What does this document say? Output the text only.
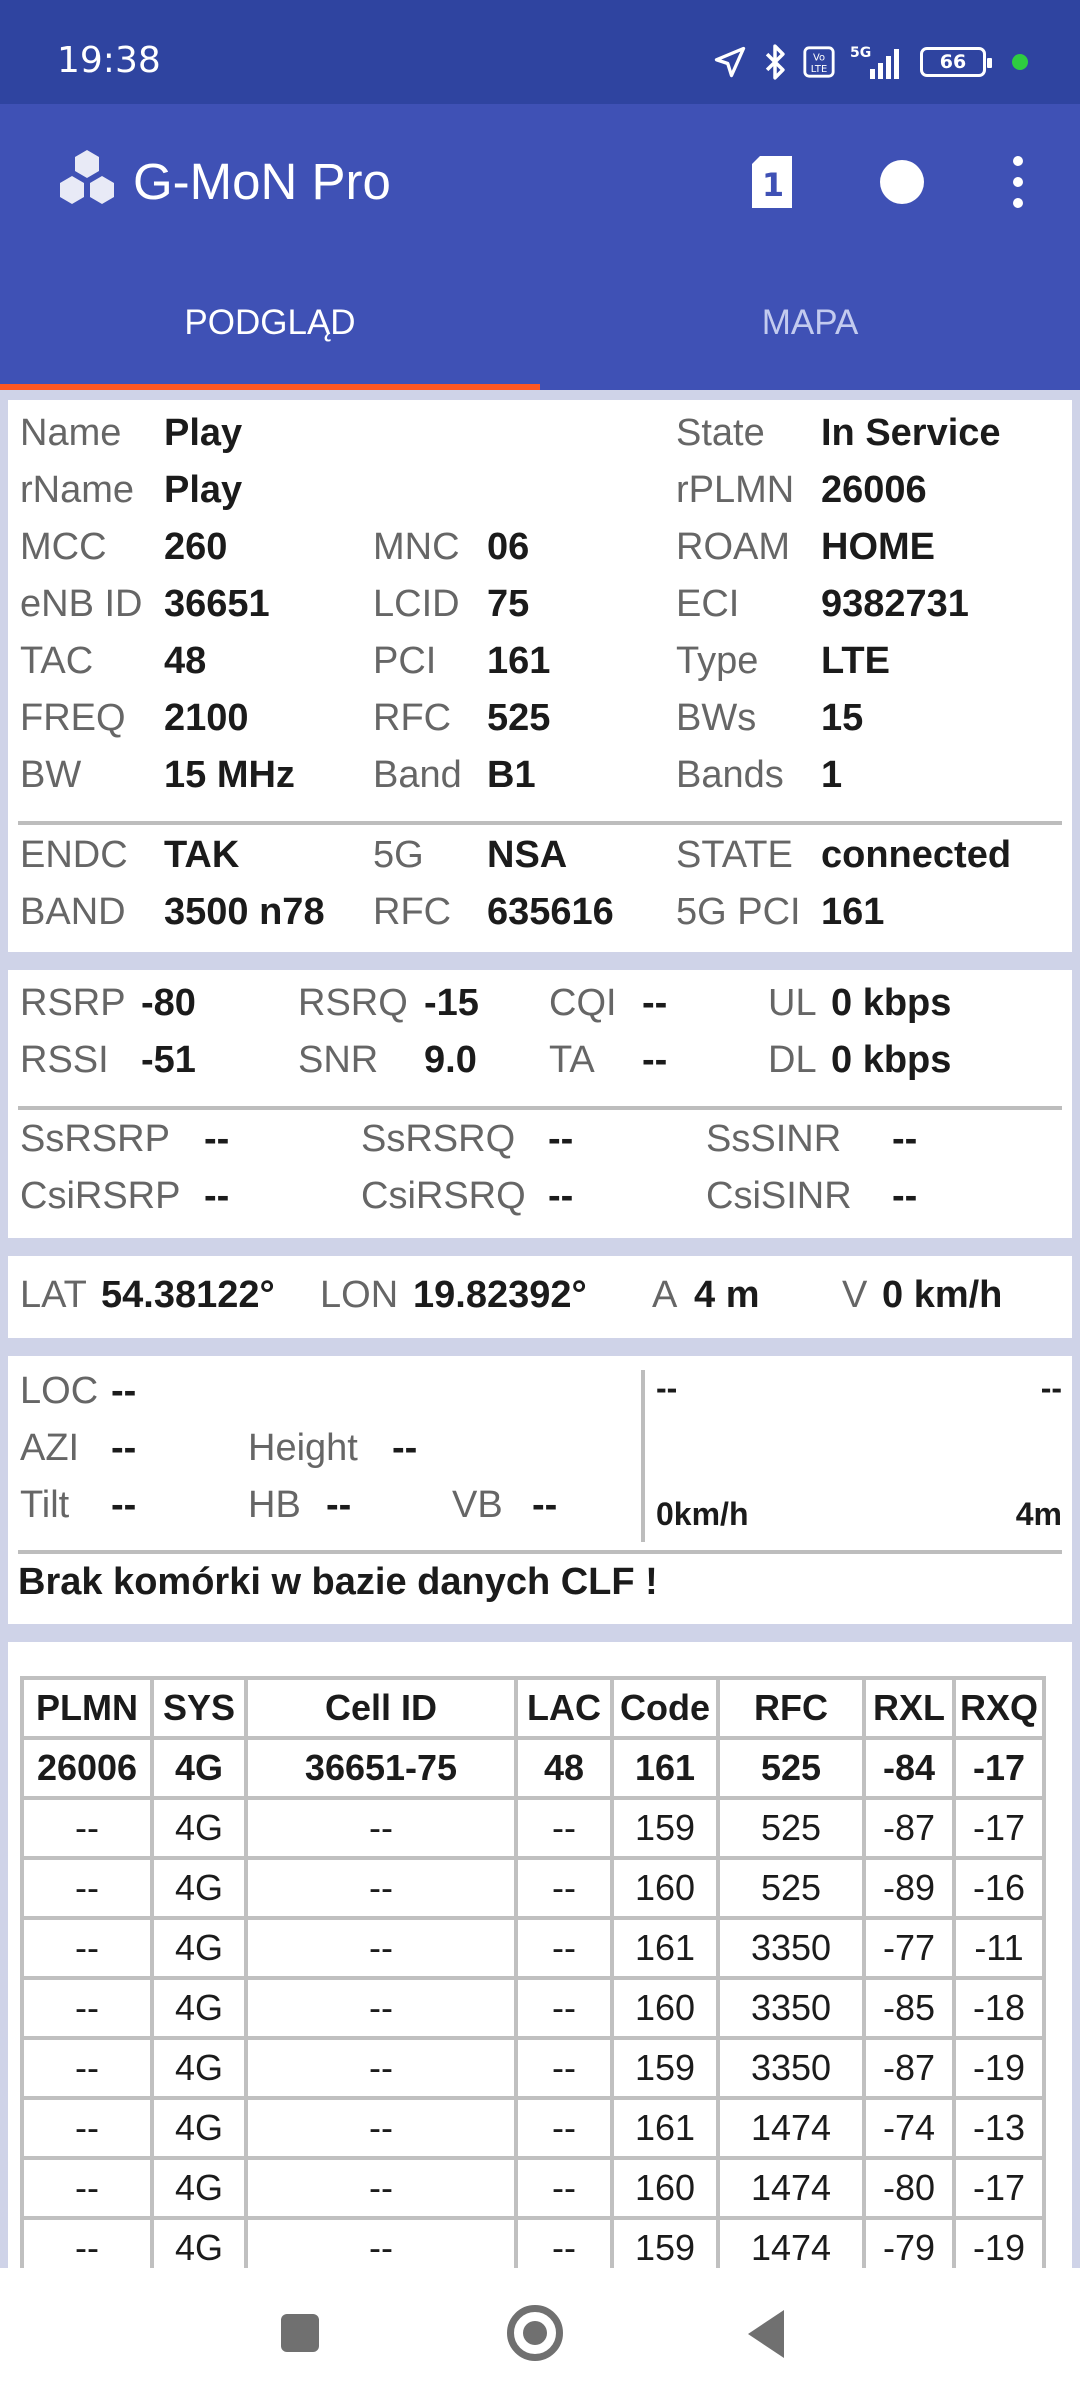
19:38	Vo
LTE
5G	66
G-MoN Pro	1
PODGLĄD	MAPA
Name Play	State In Service
rName Play	rPLMN 26006
MCC 260	MNC 06	ROAM HOME
eNB ID 36651	LCID 75	ECI 9382731
TAC 48	PCI 161	Type LTE
FREQ 2100	RFC 525	BWs 15
BW 15 MHz Band B1	Bands 1
ENDC TAK	5G NSA	STATE connected
BAND 3500 n78 RFC 635616 5G PCI 161
RSRP -80	RSRQ -15 CQI --	UL 0 kbps
RSSI -51	SNR 9.0 TA --	DL 0 kbps
SsRSRP --	SsRSRQ --	SsSINR --
CsiRSRP --	CsiRSRQ --	CsiSINR --
LAT 54.38122° LON 19.82392° A 4 m V 0 km/h
LOC --
AZI --	Height --
Tilt --	HB --	VB --
--	--
0km/h	4m
Brak komórki w bazie danych CLF !
PLMN	SYS	Cell ID	LAC	Code	RFC	RXL	RXQ
26006	4G	36651-75	48	161	525	-84	-17
--	4G	--	--	159	525	-87	-17
--	4G	--	--	160	525	-89	-16
--	4G	--	--	161	3350	-77	-11
--	4G	--	--	160	3350	-85	-18
--	4G	--	--	159	3350	-87	-19
--	4G	--	--	161	1474	-74	-13
--	4G	--	--	160	1474	-80	-17
--	4G	--	--	159	1474	-79	-19
